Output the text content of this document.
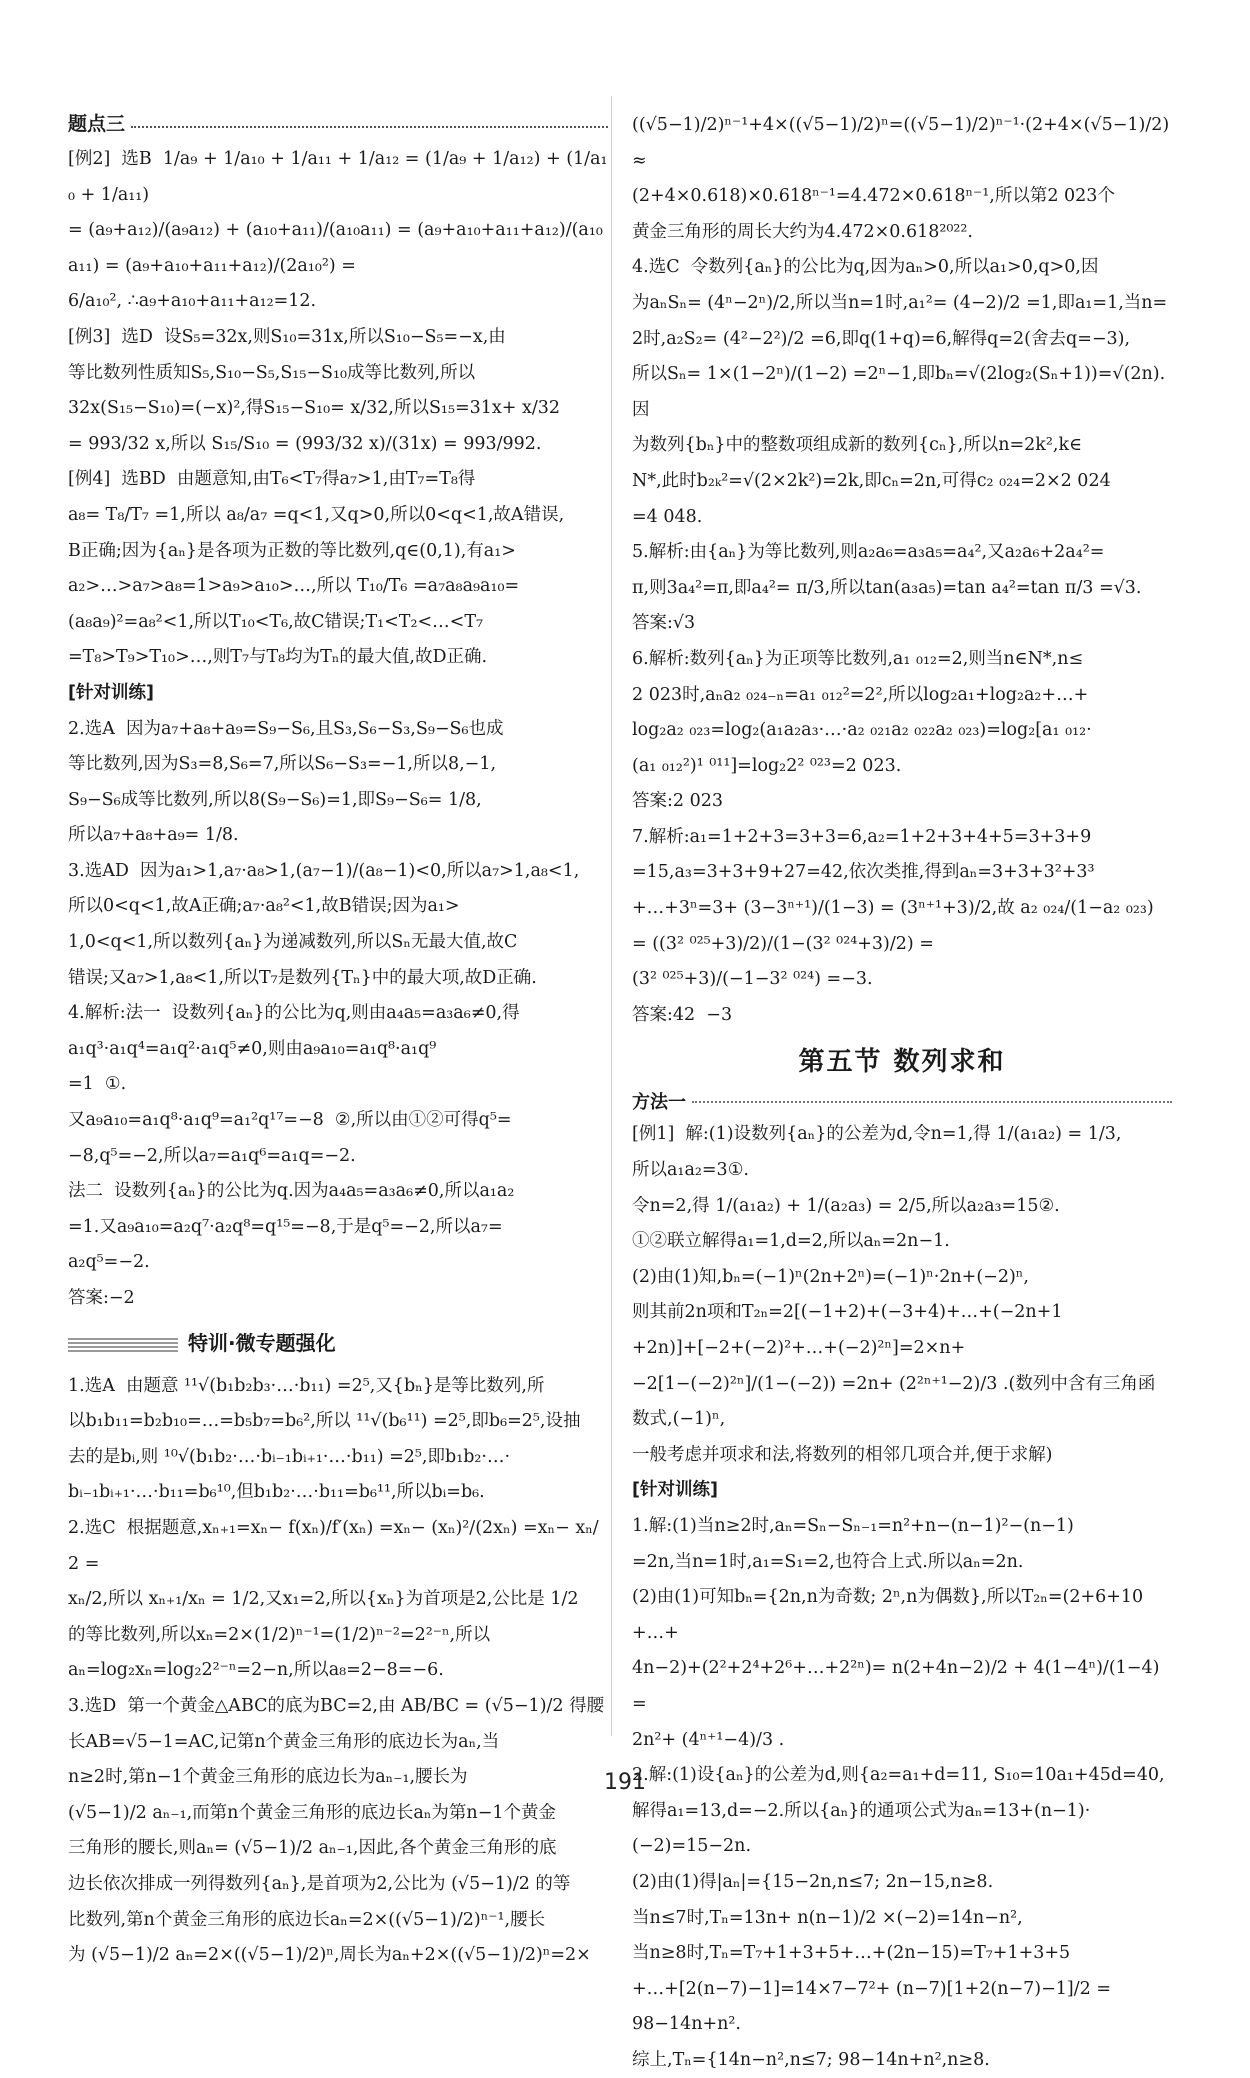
题点三
[例2]  选B  1/a₉ + 1/a₁₀ + 1/a₁₁ + 1/a₁₂ = (1/a₉ + 1/a₁₂) + (1/a₁₀ + 1/a₁₁)
= (a₉+a₁₂)/(a₉a₁₂) + (a₁₀+a₁₁)/(a₁₀a₁₁) = (a₉+a₁₀+a₁₁+a₁₂)/(a₁₀a₁₁) = (a₉+a₁₀+a₁₁+a₁₂)/(2a₁₀²) =
6/a₁₀², ∴a₉+a₁₀+a₁₁+a₁₂=12.
[例3]  选D  设S₅=32x,则S₁₀=31x,所以S₁₀−S₅=−x,由
等比数列性质知S₅,S₁₀−S₅,S₁₅−S₁₀成等比数列,所以
32x(S₁₅−S₁₀)=(−x)²,得S₁₅−S₁₀= x/32,所以S₁₅=31x+ x/32
= 993/32 x,所以 S₁₅/S₁₀ = (993/32 x)/(31x) = 993/992.
[例4]  选BD  由题意知,由T₆<T₇得a₇>1,由T₇=T₈得
a₈= T₈/T₇ =1,所以 a₈/a₇ =q<1,又q>0,所以0<q<1,故A错误,
B正确;因为{aₙ}是各项为正数的等比数列,q∈(0,1),有a₁>
a₂>…>a₇>a₈=1>a₉>a₁₀>…,所以 T₁₀/T₆ =a₇a₈a₉a₁₀=
(a₈a₉)²=a₈²<1,所以T₁₀<T₆,故C错误;T₁<T₂<…<T₇
=T₈>T₉>T₁₀>…,则T₇与T₈均为Tₙ的最大值,故D正确.
[针对训练]
2.选A  因为a₇+a₈+a₉=S₉−S₆,且S₃,S₆−S₃,S₉−S₆也成
等比数列,因为S₃=8,S₆=7,所以S₆−S₃=−1,所以8,−1,
S₉−S₆成等比数列,所以8(S₉−S₆)=1,即S₉−S₆= 1/8,
所以a₇+a₈+a₉= 1/8.
3.选AD  因为a₁>1,a₇·a₈>1,(a₇−1)/(a₈−1)<0,所以a₇>1,a₈<1,
所以0<q<1,故A正确;a₇·a₈²<1,故B错误;因为a₁>
1,0<q<1,所以数列{aₙ}为递减数列,所以Sₙ无最大值,故C
错误;又a₇>1,a₈<1,所以T₇是数列{Tₙ}中的最大项,故D正确.
4.解析:法一  设数列{aₙ}的公比为q,则由a₄a₅=a₃a₆≠0,得
a₁q³·a₁q⁴=a₁q²·a₁q⁵≠0,则由a₉a₁₀=a₁q⁸·a₁q⁹
=1  ①.
又a₉a₁₀=a₁q⁸·a₁q⁹=a₁²q¹⁷=−8  ②,所以由①②可得q⁵=
−8,q⁵=−2,所以a₇=a₁q⁶=a₁q=−2.
法二  设数列{aₙ}的公比为q.因为a₄a₅=a₃a₆≠0,所以a₁a₂
=1.又a₉a₁₀=a₂q⁷·a₂q⁸=q¹⁵=−8,于是q⁵=−2,所以a₇=
a₂q⁵=−2.
答案:−2
特训·微专题强化
1.选A  由题意 ¹¹√(b₁b₂b₃·…·b₁₁) =2⁵,又{bₙ}是等比数列,所
以b₁b₁₁=b₂b₁₀=…=b₅b₇=b₆²,所以 ¹¹√(b₆¹¹) =2⁵,即b₆=2⁵,设抽
去的是bᵢ,则 ¹⁰√(b₁b₂·…·bᵢ₋₁bᵢ₊₁·…·b₁₁) =2⁵,即b₁b₂·…·
bᵢ₋₁bᵢ₊₁·…·b₁₁=b₆¹⁰,但b₁b₂·…·b₁₁=b₆¹¹,所以bᵢ=b₆.
2.选C  根据题意,xₙ₊₁=xₙ− f(xₙ)/f′(xₙ) =xₙ− (xₙ)²/(2xₙ) =xₙ− xₙ/2 =
xₙ/2,所以 xₙ₊₁/xₙ = 1/2,又x₁=2,所以{xₙ}为首项是2,公比是 1/2
的等比数列,所以xₙ=2×(1/2)ⁿ⁻¹=(1/2)ⁿ⁻²=2²⁻ⁿ,所以
aₙ=log₂xₙ=log₂2²⁻ⁿ=2−n,所以a₈=2−8=−6.
3.选D  第一个黄金△ABC的底为BC=2,由 AB/BC = (√5−1)/2 得腰
长AB=√5−1=AC,记第n个黄金三角形的底边长为aₙ,当
n≥2时,第n−1个黄金三角形的底边长为aₙ₋₁,腰长为
(√5−1)/2 aₙ₋₁,而第n个黄金三角形的底边长aₙ为第n−1个黄金
三角形的腰长,则aₙ= (√5−1)/2 aₙ₋₁,因此,各个黄金三角形的底
边长依次排成一列得数列{aₙ},是首项为2,公比为 (√5−1)/2 的等
比数列,第n个黄金三角形的底边长aₙ=2×((√5−1)/2)ⁿ⁻¹,腰长
为 (√5−1)/2 aₙ=2×((√5−1)/2)ⁿ,周长为aₙ+2×((√5−1)/2)ⁿ=2×
((√5−1)/2)ⁿ⁻¹+4×((√5−1)/2)ⁿ=((√5−1)/2)ⁿ⁻¹·(2+4×(√5−1)/2)≈
(2+4×0.618)×0.618ⁿ⁻¹=4.472×0.618ⁿ⁻¹,所以第2 023个
黄金三角形的周长大约为4.472×0.618²⁰²².
4.选C  令数列{aₙ}的公比为q,因为aₙ>0,所以a₁>0,q>0,因
为aₙSₙ= (4ⁿ−2ⁿ)/2,所以当n=1时,a₁²= (4−2)/2 =1,即a₁=1,当n=
2时,a₂S₂= (4²−2²)/2 =6,即q(1+q)=6,解得q=2(舍去q=−3),
所以Sₙ= 1×(1−2ⁿ)/(1−2) =2ⁿ−1,即bₙ=√(2log₂(Sₙ+1))=√(2n).因
为数列{bₙ}中的整数项组成新的数列{cₙ},所以n=2k²,k∈
N*,此时b₂ₖ²=√(2×2k²)=2k,即cₙ=2n,可得c₂ ₀₂₄=2×2 024
=4 048.
5.解析:由{aₙ}为等比数列,则a₂a₆=a₃a₅=a₄²,又a₂a₆+2a₄²=
π,则3a₄²=π,即a₄²= π/3,所以tan(a₃a₅)=tan a₄²=tan π/3 =√3.
答案:√3
6.解析:数列{aₙ}为正项等比数列,a₁ ₀₁₂=2,则当n∈N*,n≤
2 023时,aₙa₂ ₀₂₄₋ₙ=a₁ ₀₁₂²=2²,所以log₂a₁+log₂a₂+…+
log₂a₂ ₀₂₃=log₂(a₁a₂a₃·…·a₂ ₀₂₁a₂ ₀₂₂a₂ ₀₂₃)=log₂[a₁ ₀₁₂·
(a₁ ₀₁₂²)¹ ⁰¹¹]=log₂2² ⁰²³=2 023.
答案:2 023
7.解析:a₁=1+2+3=3+3=6,a₂=1+2+3+4+5=3+3+9
=15,a₃=3+3+9+27=42,依次类推,得到aₙ=3+3+3²+3³
+…+3ⁿ=3+ (3−3ⁿ⁺¹)/(1−3) = (3ⁿ⁺¹+3)/2,故 a₂ ₀₂₄/(1−a₂ ₀₂₃) = ((3² ⁰²⁵+3)/2)/(1−(3² ⁰²⁴+3)/2) =
(3² ⁰²⁵+3)/(−1−3² ⁰²⁴) =−3.
答案:42  −3
第五节 数列求和
方法一
[例1]  解:(1)设数列{aₙ}的公差为d,令n=1,得 1/(a₁a₂) = 1/3,
所以a₁a₂=3①.
令n=2,得 1/(a₁a₂) + 1/(a₂a₃) = 2/5,所以a₂a₃=15②.
①②联立解得a₁=1,d=2,所以aₙ=2n−1.
(2)由(1)知,bₙ=(−1)ⁿ(2n+2ⁿ)=(−1)ⁿ·2n+(−2)ⁿ,
则其前2n项和T₂ₙ=2[(−1+2)+(−3+4)+…+(−2n+1
+2n)]+[−2+(−2)²+…+(−2)²ⁿ]=2×n+
−2[1−(−2)²ⁿ]/(1−(−2)) =2n+ (2²ⁿ⁺¹−2)/3 .(数列中含有三角函数式,(−1)ⁿ,
一般考虑并项求和法,将数列的相邻几项合并,便于求解)
[针对训练]
1.解:(1)当n≥2时,aₙ=Sₙ−Sₙ₋₁=n²+n−(n−1)²−(n−1)
=2n,当n=1时,a₁=S₁=2,也符合上式.所以aₙ=2n.
(2)由(1)可知bₙ={2n,n为奇数; 2ⁿ,n为偶数},所以T₂ₙ=(2+6+10+…+
4n−2)+(2²+2⁴+2⁶+…+2²ⁿ)= n(2+4n−2)/2 + 4(1−4ⁿ)/(1−4) =
2n²+ (4ⁿ⁺¹−4)/3 .
2.解:(1)设{aₙ}的公差为d,则{a₂=a₁+d=11, S₁₀=10a₁+45d=40,
解得a₁=13,d=−2.所以{aₙ}的通项公式为aₙ=13+(n−1)·
(−2)=15−2n.
(2)由(1)得|aₙ|={15−2n,n≤7; 2n−15,n≥8.
当n≤7时,Tₙ=13n+ n(n−1)/2 ×(−2)=14n−n²,
当n≥8时,Tₙ=T₇+1+3+5+…+(2n−15)=T₇+1+3+5
+…+[2(n−7)−1]=14×7−7²+ (n−7)[1+2(n−7)−1]/2 =
98−14n+n².
综上,Tₙ={14n−n²,n≤7; 98−14n+n²,n≥8.
191
